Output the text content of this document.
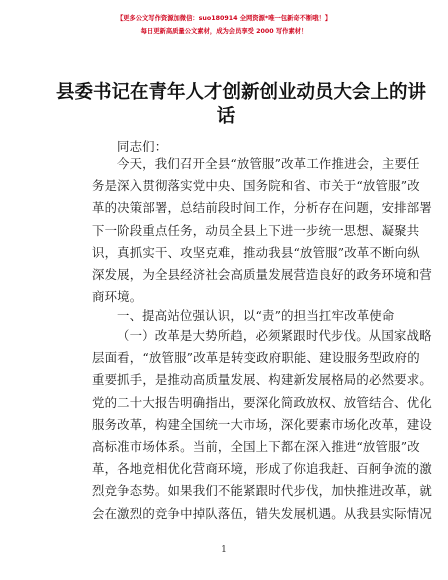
【更多公文写作资源加微信：suo180914 全网资源*唯一包新奇不断哦！】
每日更新高质量公文素材，成为会员享受 2000 写作素材！
县委书记在青年人才创新创业动员大会上的讲
话
同志们：
今天，我们召开全县“放管服”改革工作推进会，主要任
务是深入贯彻落实党中央、国务院和省、市关于“放管服”改
革的决策部署，总结前段时间工作，分析存在问题，安排部署
下一阶段重点任务，动员全县上下进一步统一思想、凝聚共
识，真抓实干、攻坚克难，推动我县“放管服”改革不断向纵
深发展，为全县经济社会高质量发展营造良好的政务环境和营
商环境。
一、提高站位强认识，以“责”的担当扛牢改革使命
（一）改革是大势所趋，必须紧跟时代步伐。从国家战略
层面看，“放管服”改革是转变政府职能、建设服务型政府的
重要抓手，是推动高质量发展、构建新发展格局的必然要求。
党的二十大报告明确指出，要深化简政放权、放管结合、优化
服务改革，构建全国统一大市场，深化要素市场化改革，建设
高标准市场体系。当前，全国上下都在深入推进“放管服”改
革，各地竞相优化营商环境，形成了你追我赶、百舸争流的激
烈竞争态势。如果我们不能紧跟时代步伐，加快推进改革，就
会在激烈的竞争中掉队落伍，错失发展机遇。从我县实际情况
1
